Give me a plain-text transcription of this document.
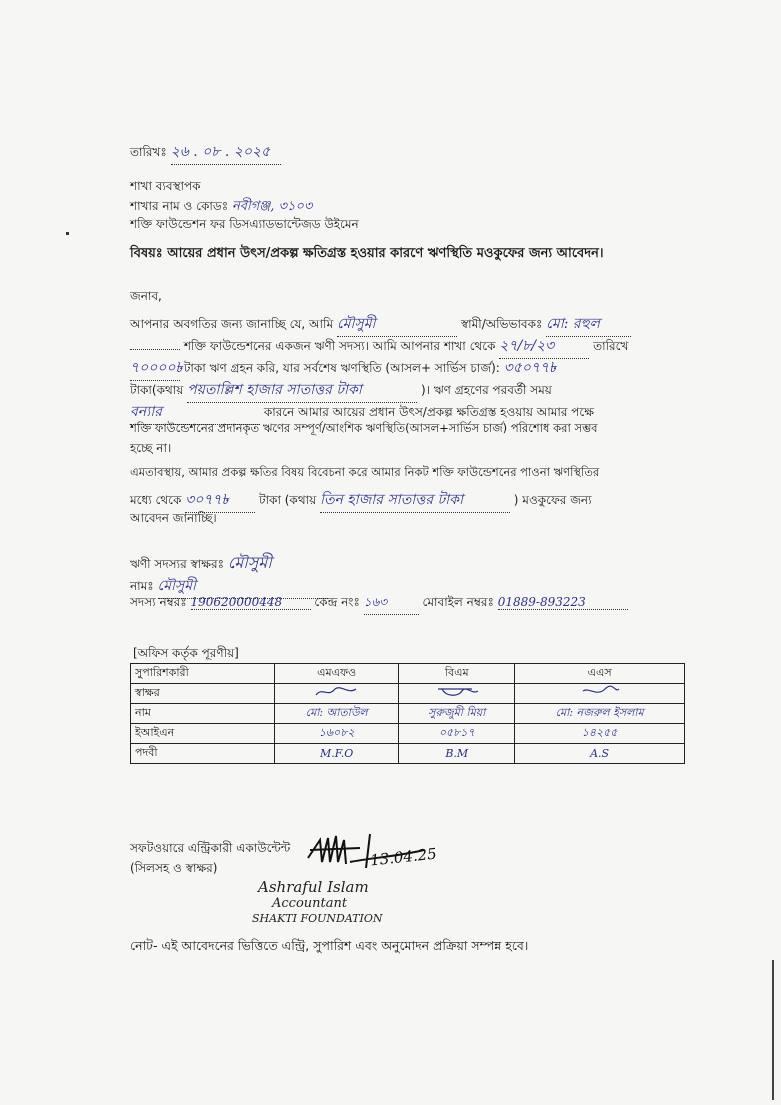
তারিখঃ ২৬ . ০৮ . ২০২৫
শাখা ব্যবস্থাপক
শাখার নাম ও কোডঃ নবীগঞ্জ, ৩১০৩
শক্তি ফাউন্ডেশন ফর ডিসএ্যাডভান্টেজড উইমেন
বিষয়ঃ আয়ের প্রধান উৎস/প্রকল্প ক্ষতিগ্রস্ত হওয়ার কারণে ঋণস্থিতি মওকুফের জন্য আবেদন।
জনাব,
আপনার অবগতির জন্য জানাচ্ছি যে, আমি মৌসুমী	স্বামী/অভিভাবকঃ মো: রহুল
শক্তি ফাউন্ডেশনের একজন ঋণী সদস্য। আমি আপনার শাখা থেকে ২৭/৮/২৩	তারিখে
৭০০০০৳ টাকা ঋণ গ্রহন করি, যার সর্বশেষ ঋণস্থিতি (আসল+ সার্ভিস চার্জ): ৩৫০৭৭৳
টাকা(কথায় পয়তাল্লিশ হাজার সাতাত্তর টাকা	)। ঋণ গ্রহণের পরবর্তী সময়
বন্যার	কারনে আমার আয়ের প্রধান উৎস/প্রকল্প ক্ষতিগ্রস্ত হওয়ায় আমার পক্ষে
শক্তি ফাউন্ডেশনের প্রদানকৃত ঋণের সম্পূর্ণ/আংশিক ঋণস্থিতি(আসল+সার্ভিস চার্জ) পরিশোধ করা সম্ভব
হচ্ছে না।
এমতাবস্থায়, আমার প্রকল্প ক্ষতির বিষয় বিবেচনা করে আমার নিকট শক্তি ফাউন্ডেশনের পাওনা ঋণস্থিতির
মধ্যে থেকে ৩০৭৭৳	টাকা (কথায় তিন হাজার সাতাত্তর টাকা	) মওকুফের জন্য
আবেদন জানাচ্ছি।
ঋণী সদস্যর স্বাক্ষরঃ মৌসুমী
নামঃ মৌসুমী
সদস্য নম্বরঃ 190620000448	কেন্দ্র নংঃ ১৬৩	মোবাইল নম্বরঃ 01889-893223
[অফিস কর্তৃক পূরণীয়]
সুপারিশকারী	এমএফও	বিএম	এএস
স্বাক্ষর			
নাম	মো: আতাউল	সুরুজুমী মিয়া	মো: নজরুল ইসলাম
ইআইএন	১৬০৮২	০৫৮১৭	১৪২৫৫
পদবী	M.F.O	B.M	A.S
সফটওয়ারে এন্ট্রিকারী একাউন্টেন্ট
(সিলসহ ও স্বাক্ষর)	13.04.25
Ashraful Islam
Accountant
SHAKTI FOUNDATION
নোট- এই আবেদনের ভিত্তিতে এন্ট্রি, সুপারিশ এবং অনুমোদন প্রক্রিয়া সম্পন্ন হবে।
